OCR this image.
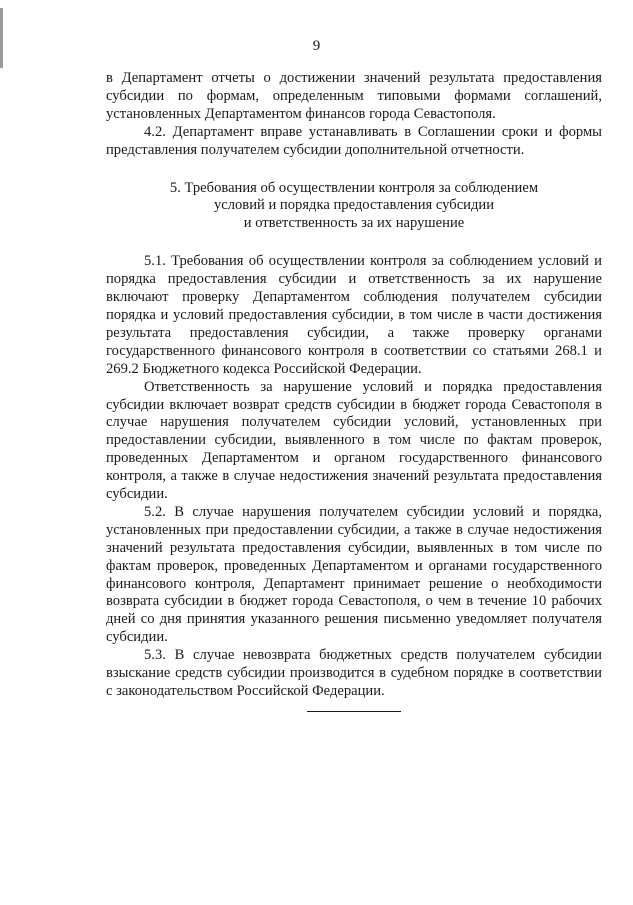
9

в Департамент отчеты о достижении значений результата предоставления субсидии по формам, определенным типовыми формами соглашений, установленных Департаментом финансов города Севастополя.

4.2. Департамент вправе устанавливать в Соглашении сроки и формы представления получателем субсидии дополнительной отчетности.

5. Требования об осуществлении контроля за соблюдением
условий и порядка предоставления субсидии
и ответственность за их нарушение

5.1. Требования об осуществлении контроля за соблюдением условий и порядка предоставления субсидии и ответственность за их нарушение включают проверку Департаментом соблюдения получателем субсидии порядка и условий предоставления субсидии, в том числе в части достижения результата предоставления субсидии, а также проверку органами государственного финансового контроля в соответствии со статьями 268.1 и 269.2 Бюджетного кодекса Российской Федерации.

Ответственность за нарушение условий и порядка предоставления субсидии включает возврат средств субсидии в бюджет города Севастополя в случае нарушения получателем субсидии условий, установленных при предоставлении субсидии, выявленного в том числе по фактам проверок, проведенных Департаментом и органом государственного финансового контроля, а также в случае недостижения значений результата предоставления субсидии.

5.2. В случае нарушения получателем субсидии условий и порядка, установленных при предоставлении субсидии, а также в случае недостижения значений результата предоставления субсидии, выявленных в том числе по фактам проверок, проведенных Департаментом и органами государственного финансового контроля, Департамент принимает решение о необходимости возврата субсидии в бюджет города Севастополя, о чем в течение 10 рабочих дней со дня принятия указанного решения письменно уведомляет получателя субсидии.

5.3. В случае невозврата бюджетных средств получателем субсидии взыскание средств субсидии производится в судебном порядке в соответствии с законодательством Российской Федерации.
